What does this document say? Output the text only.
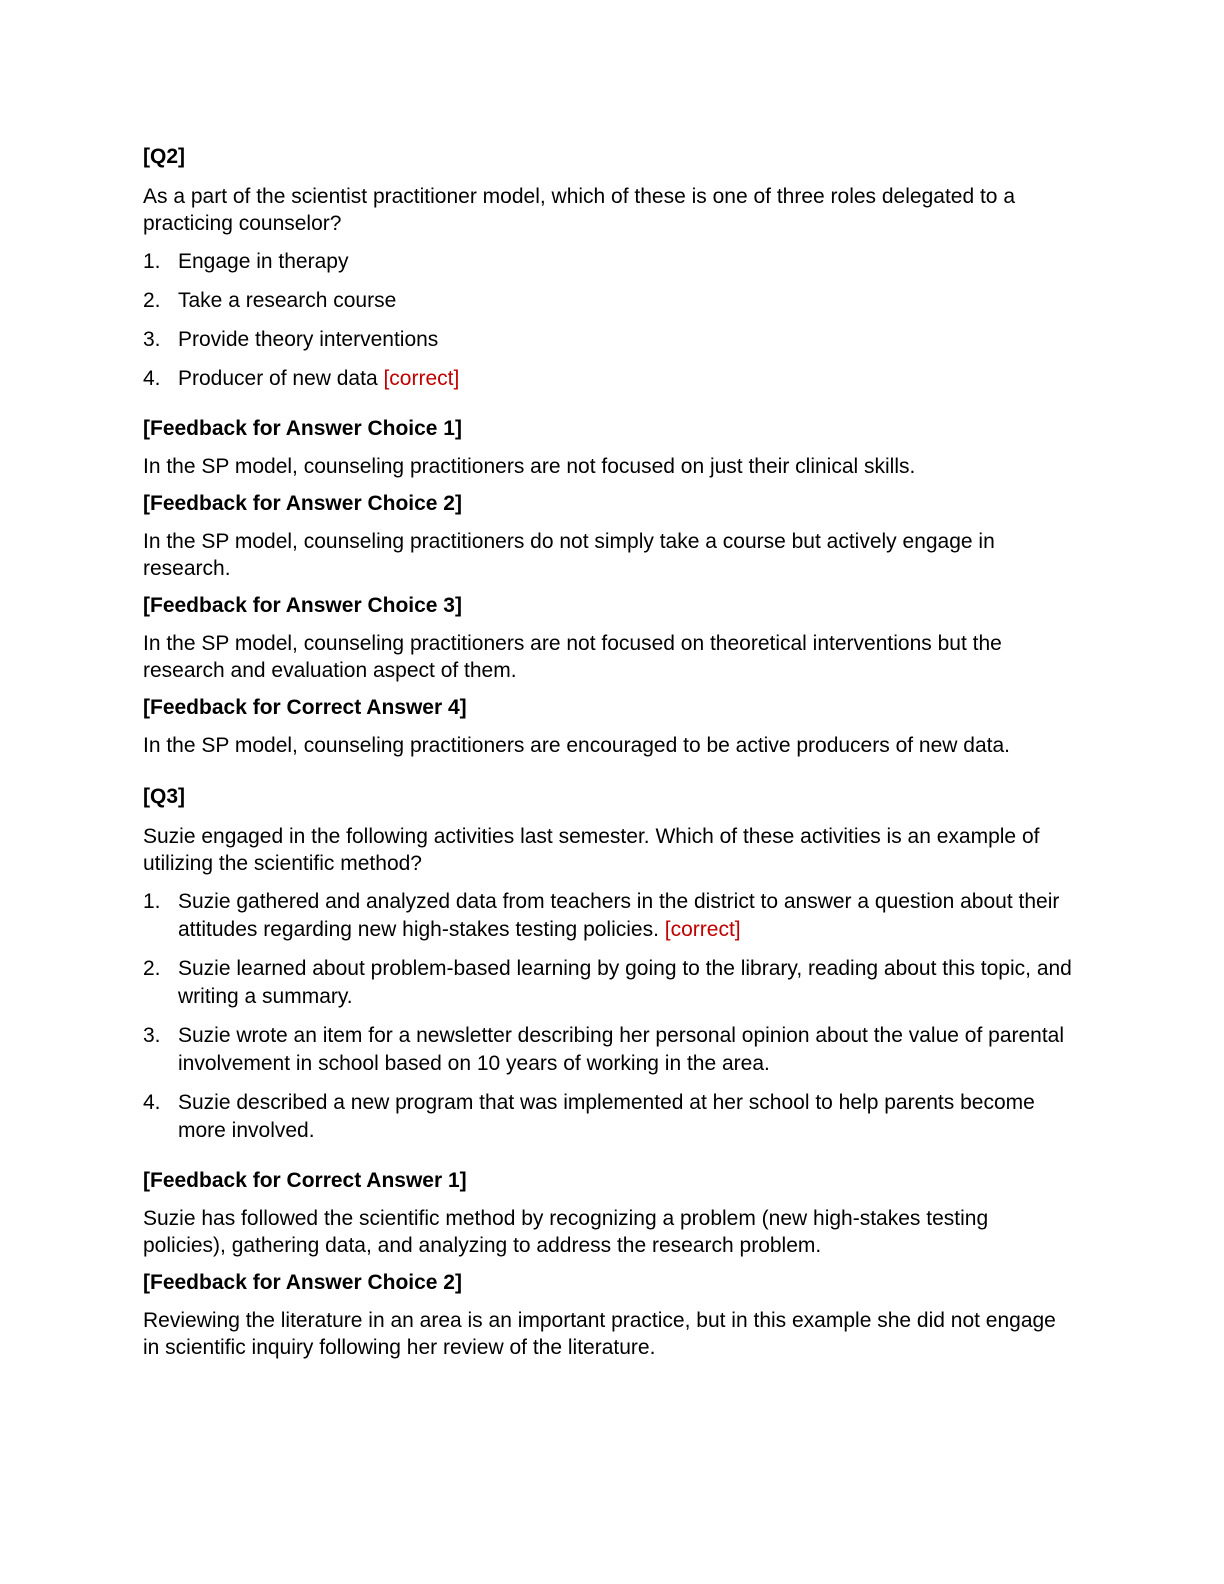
[Q2]
As a part of the scientist practitioner model, which of these is one of three roles delegated to a practicing counselor?
1. Engage in therapy
2. Take a research course
3. Provide theory interventions
4. Producer of new data [correct]
[Feedback for Answer Choice 1]
In the SP model, counseling practitioners are not focused on just their clinical skills.
[Feedback for Answer Choice 2]
In the SP model, counseling practitioners do not simply take a course but actively engage in research.
[Feedback for Answer Choice 3]
In the SP model, counseling practitioners are not focused on theoretical interventions but the research and evaluation aspect of them.
[Feedback for Correct Answer 4]
In the SP model, counseling practitioners are encouraged to be active producers of new data.
[Q3]
Suzie engaged in the following activities last semester. Which of these activities is an example of utilizing the scientific method?
1. Suzie gathered and analyzed data from teachers in the district to answer a question about their attitudes regarding new high-stakes testing policies. [correct]
2. Suzie learned about problem-based learning by going to the library, reading about this topic, and writing a summary.
3. Suzie wrote an item for a newsletter describing her personal opinion about the value of parental involvement in school based on 10 years of working in the area.
4. Suzie described a new program that was implemented at her school to help parents become more involved.
[Feedback for Correct Answer 1]
Suzie has followed the scientific method by recognizing a problem (new high-stakes testing policies), gathering data, and analyzing to address the research problem.
[Feedback for Answer Choice 2]
Reviewing the literature in an area is an important practice, but in this example she did not engage in scientific inquiry following her review of the literature.
